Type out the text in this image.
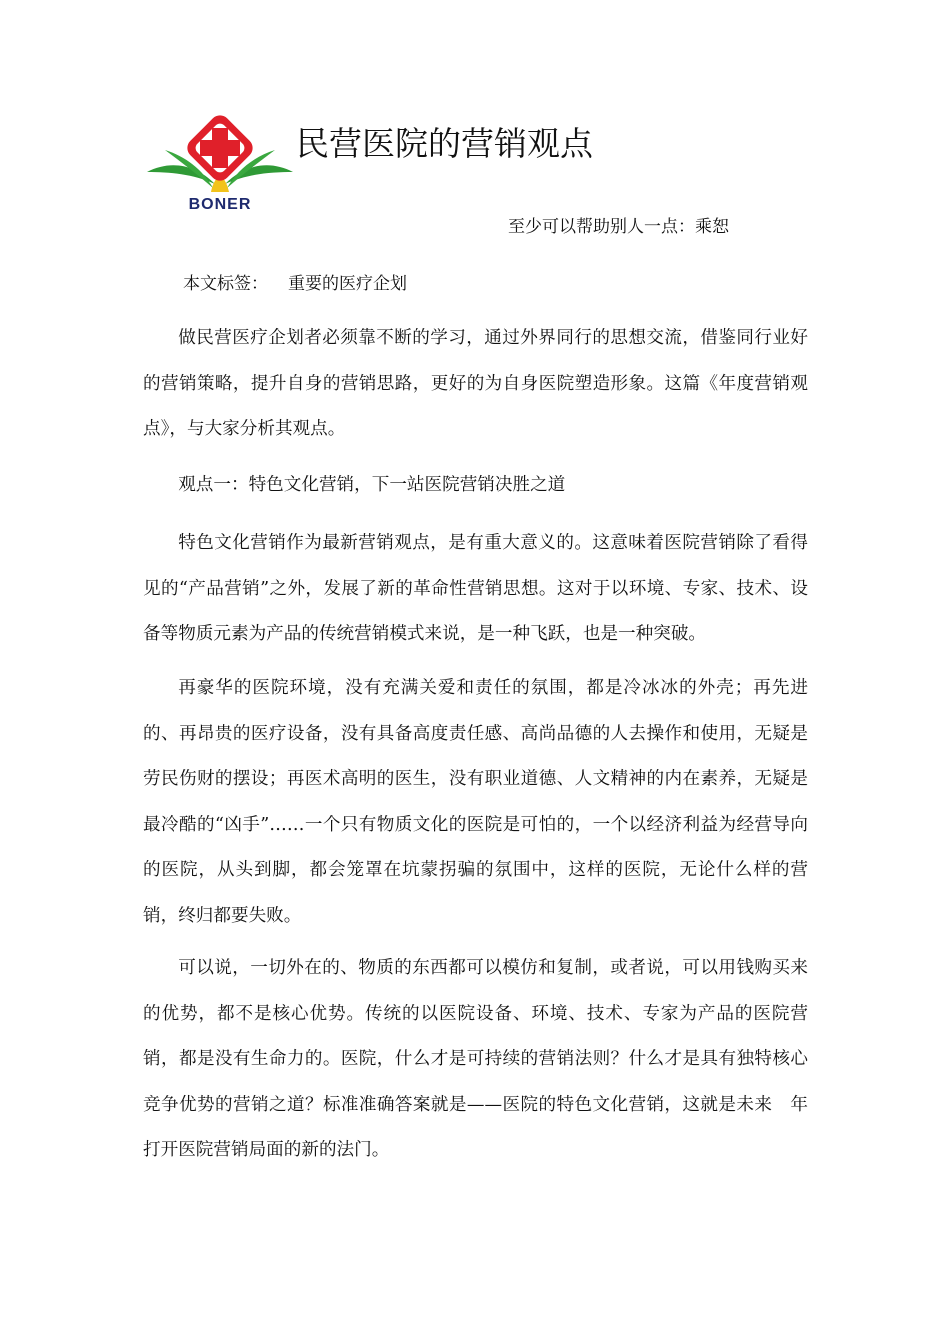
BONER
民营医院的营销观点
至少可以帮助别人一点：乘恕
本文标签： 重要的医疗企划

做民营医疗企划者必须靠不断的学习，通过外界同行的思想交流，借鉴同行业好的营销策略，提升自身的营销思路，更好的为自身医院塑造形象。这篇《年度营销观点》，与大家分析其观点。

观点一：特色文化营销，下一站医院营销决胜之道

特色文化营销作为最新营销观点，是有重大意义的。这意味着医院营销除了看得见的“产品营销”之外，发展了新的革命性营销思想。这对于以环境、专家、技术、设备等物质元素为产品的传统营销模式来说，是一种飞跃，也是一种突破。

再豪华的医院环境，没有充满关爱和责任的氛围，都是冷冰冰的外壳；再先进的、再昂贵的医疗设备，没有具备高度责任感、高尚品德的人去操作和使用，无疑是劳民伤财的摆设；再医术高明的医生，没有职业道德、人文精神的内在素养，无疑是最冷酷的“凶手”……一个只有物质文化的医院是可怕的，一个以经济利益为经营导向的医院，从头到脚，都会笼罩在坑蒙拐骗的氛围中，这样的医院，无论什么样的营销，终归都要失败。

可以说，一切外在的、物质的东西都可以模仿和复制，或者说，可以用钱购买来的优势，都不是核心优势。传统的以医院设备、环境、技术、专家为产品的医院营销，都是没有生命力的。医院，什么才是可持续的营销法则？什么才是具有独特核心竞争优势的营销之道？标准准确答案就是——医院的特色文化营销，这就是未来　年打开医院营销局面的新的法门。
